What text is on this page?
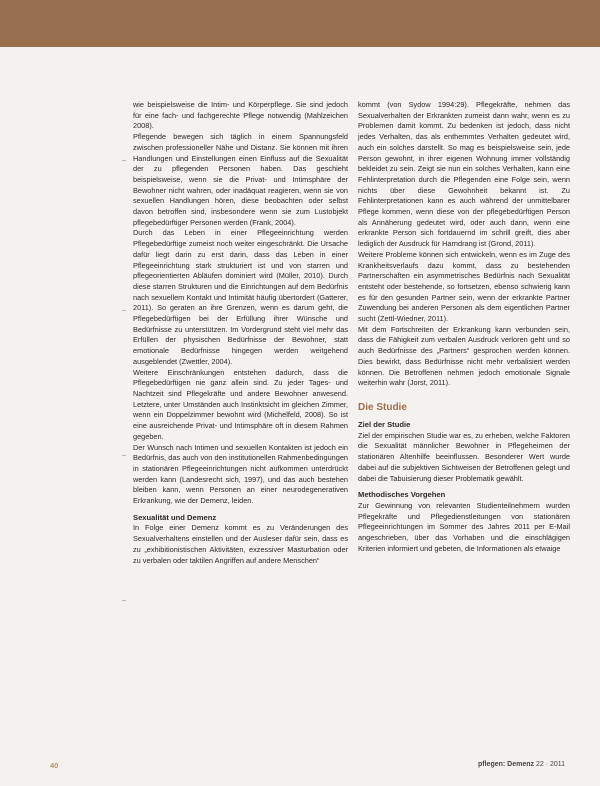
wie beispielsweise die Intim- und Körperpflege. Sie sind jedoch für eine fach- und fachgerechte Pflege notwendig (Mahlzeichen 2008).

Pflegende bewegen sich täglich in einem Spannungsfeld zwischen professioneller Nähe und Distanz. Sie können mit ihren Handlungen und Einstellungen einen Einfluss auf die Sexualität der zu pflegenden Personen haben. Das geschieht beispielsweise, wenn sie die Privat- und Intimsphäre der Bewohner nicht wahren, oder inadäquat reagieren, wenn sie von sexuellen Handlungen hören, diese beobachten oder selbst davon betroffen sind, insbesondere wenn sie zum Lustobjekt pflegebedürftiger Personen werden (Frank, 2004).

Durch das Leben in einer Pflegeeinrichtung werden Pflegebedürftige zumeist noch weiter eingeschränkt. Die Ursache dafür liegt darin zu erst darin, dass das Leben in einer Pflegeeinrichtung stark strukturiert ist und von starren und pflegeorientierten Abläufen dominiert wird (Müller, 2010). Durch diese starren Strukturen und die Einrichtungen auf dem Bedürfnis nach sexuellem Kontakt und Intimität häufig übertordert (Gatterer, 2011). So geraten an ihre Grenzen, wenn es darum geht, die Pflegebedürftigen bei der Erfüllung ihrer Wünsche und Bedürfnisse zu unterstützen. Im Vordergrund steht viel mehr das Erfüllen der physischen Bedürfnisse der Bewohner, statt emotionale Bedürfnisse hingegen werden weitgehend ausgeblendet (Zwettler, 2004).

Weitere Einschränkungen entstehen dadurch, dass die Pflegebedürftigen nie ganz allein sind. Zu jeder Tages- und Nachtzeit sind Pflegekräfte und andere Bewohner anwesend. Letztere, unter Umständen auch Instinktsicht im gleichen Zimmer, wenn ein Doppelzimmer bewohnt wird (Michelfeld, 2008). So ist eine ausreichende Privat- und Intimsphäre oft in diesem Rahmen gegeben.

Der Wunsch nach Intimen und sexuellen Kontakten ist jedoch ein Bedürfnis, das auch von den institutionellen Rahmenbedingungen in stationären Pflegeeinrichtungen nicht aufkommen unterdrückt werden kann (Landesrecht sich, 1997), und das auch bestehen bleiben kann, wenn Personen an einer neurodegenerativen Erkrankung, wie der Demenz, leiden.

Sexualität und Demenz

In Folge einer Demenz kommt es zu Veränderungen des Sexualverhaltens einstellen und der Ausleser dafür sein, dass es zu „exhibitionistischen Aktivitäten, exzessiver Masturbation oder zu verbalen oder taktilen Angriffen auf andere Menschen“

kommt (von Sydow 1994:29). Pflegekräfte, nehmen das Sexualverhalten der Erkrankten zumeist dann wahr, wenn es zu Problemen damit kommt. Zu bedenken ist jedoch, dass nicht jedes Verhalten, das als enthemmtes Verhalten gedeutet wird, auch ein solches darstellt. So mag es beispielsweise sein, jede Person gewohnt, in ihrer eigenen Wohnung immer vollständig bekleidet zu sein. Zeigt sie nun ein solches Verhalten, kann eine Fehlinterpretation durch die Pflegenden eine Folge sein, wenn nichts über diese Gewohnheit bekannt ist. Zu Fehlinterpretationen kann es auch während der unmittelbarer Pflege kommen, wenn diese von der pflegebedürftigen Person als Annäherung gedeutet wird, oder auch dann, wenn eine erkrankte Person sich fortdauernd im schrill greift, dies aber lediglich der Ausdruck für Harndrang ist (Grond, 2011).

Weitere Probleme können sich entwickeln, wenn es im Zuge des Krankheitsverlaufs dazu kommt, dass zu bestehenden Partnerschaften ein asymmetrisches Bedürfnis nach Sexualität entsteht oder bestehende, so fortsetzen, ebenso schwierig kann es für den gesunden Partner sein, wenn der erkrankte Partner Zuwendung bei anderen Personen als dem eigentlichen Partner sucht (Zettl-Wiedner, 2011).

Mit dem Fortschreiten der Erkrankung kann verbunden sein, dass die Fähigkeit zum verbalen Ausdruck verloren geht und so auch Bedürfnisse des „Partners“ gesprochen werden können. Dies bewirkt, dass Bedürfnisse nicht mehr verbalisiert werden können. Die Betroffenen nehmen jedoch emotionale Signale weiterhin wahr (Jorst, 2011).

Die Studie

Ziel der Studie

Ziel der empirischen Studie war es, zu erheben, welche Faktoren die Sexualität männlicher Bewohner in Pflegeheimen der stationären Altenhilfe beeinflussen. Besonderer Wert wurde dabei auf die subjektiven Sichtweisen der Betroffenen gelegt und dabei die Tabuisierung dieser Problematik gewählt.

Methodisches Vorgehen

Zur Gewinnung von relevanten Studienteilnehmern wurden Pflegekräfte und Pflegedienstleitungen von stationären Pflegeeinrichtungen im Sommer des Jahres 2011 per E-Mail angeschrieben, über das Vorhaben und die einschlägigen Kriterien informiert und gebeten, die Informationen als etwaige

40	pflegen: Demenz 22 · 2011
